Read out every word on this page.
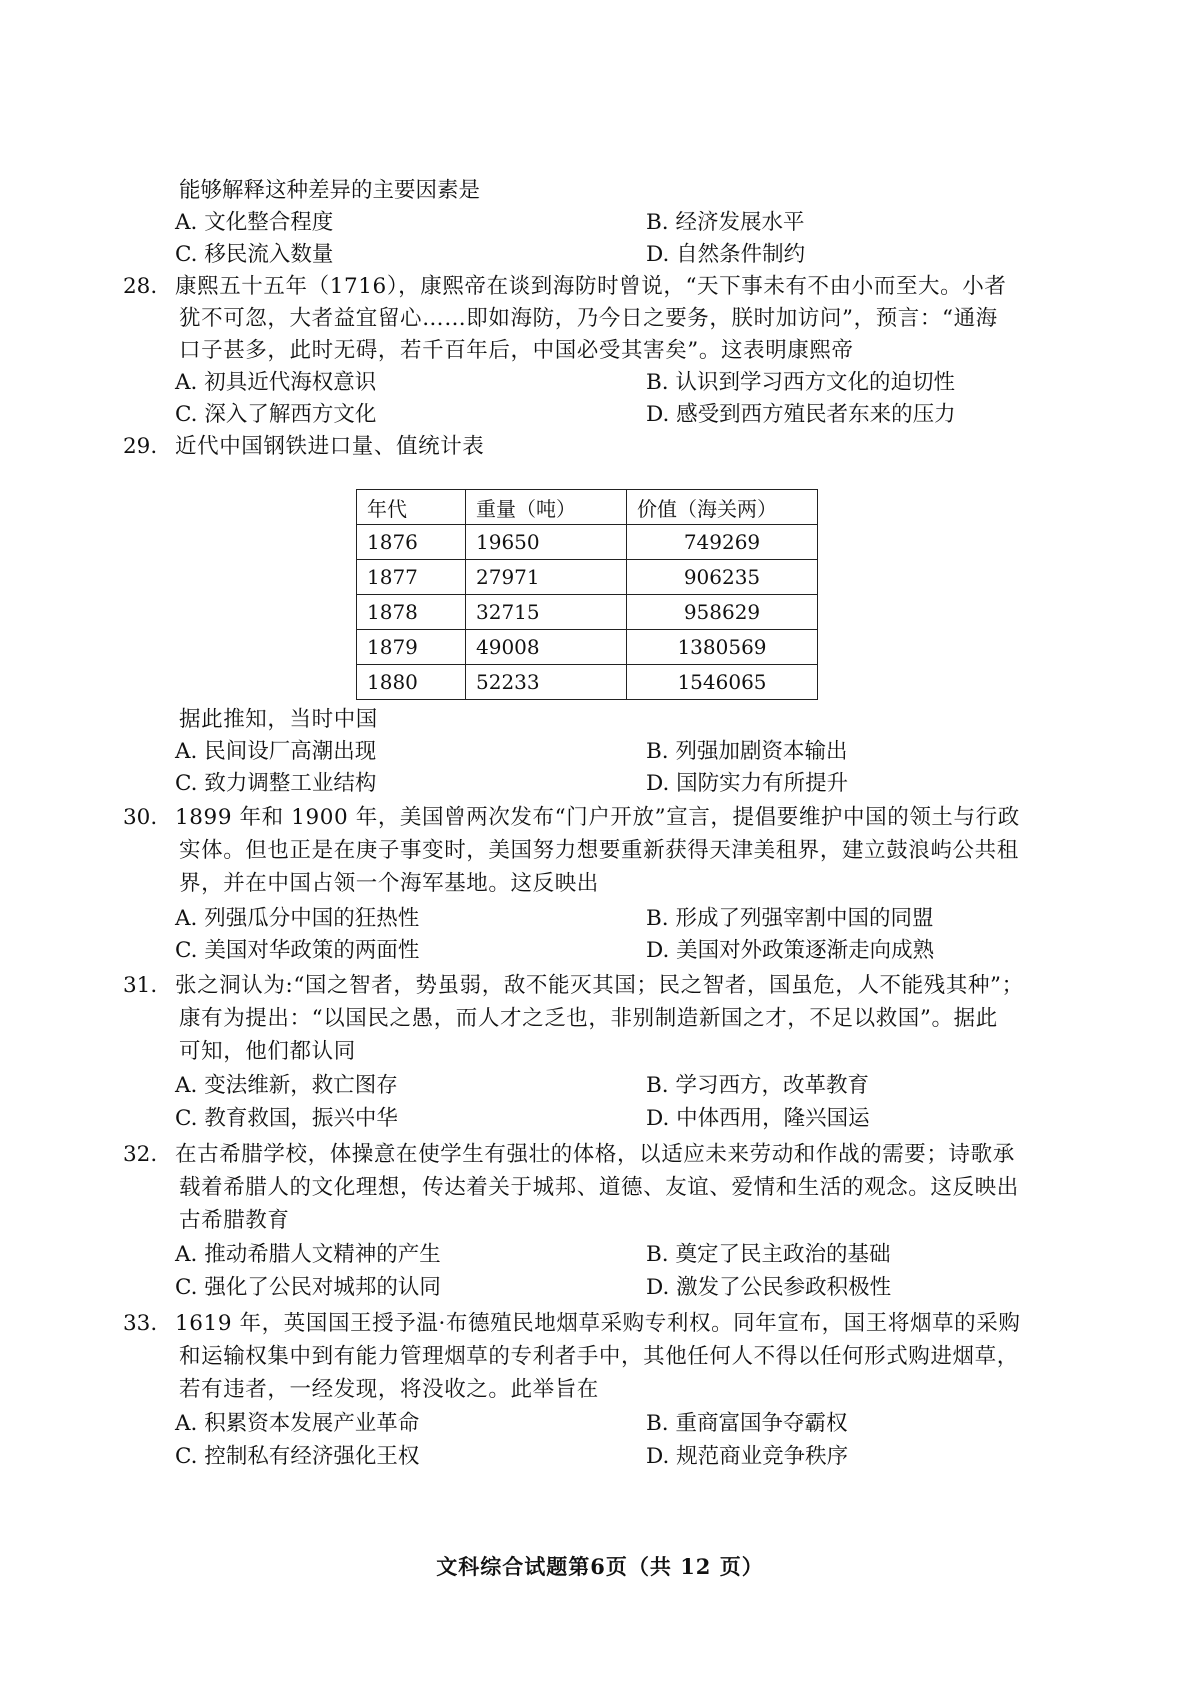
能够解释这种差异的主要因素是
A. 文化整合程度	B. 经济发展水平
C. 移民流入数量	D. 自然条件制约
28. 康熙五十五年（1716），康熙帝在谈到海防时曾说，“天下事未有不由小而至大。小者
犹不可忽，大者益宜留心……即如海防，乃今日之要务，朕时加访问”，预言：“通海
口子甚多，此时无碍，若千百年后，中国必受其害矣”。这表明康熙帝
A. 初具近代海权意识	B. 认识到学习西方文化的迫切性
C. 深入了解西方文化	D. 感受到西方殖民者东来的压力
29. 近代中国钢铁进口量、值统计表
年代	重量（吨）	价值（海关两）
1876	19650	749269
1877	27971	906235
1878	32715	958629
1879	49008	1380569
1880	52233	1546065
据此推知，当时中国
A. 民间设厂高潮出现	B. 列强加剧资本输出
C. 致力调整工业结构	D. 国防实力有所提升
30. 1899 年和 1900 年，美国曾两次发布“门户开放”宣言，提倡要维护中国的领土与行政
实体。但也正是在庚子事变时，美国努力想要重新获得天津美租界，建立鼓浪屿公共租
界，并在中国占领一个海军基地。这反映出
A. 列强瓜分中国的狂热性	B. 形成了列强宰割中国的同盟
C. 美国对华政策的两面性	D. 美国对外政策逐渐走向成熟
31. 张之洞认为:“国之智者，势虽弱，敌不能灭其国；民之智者，国虽危，人不能残其种”；
康有为提出：“以国民之愚，而人才之乏也，非别制造新国之才，不足以救国”。据此
可知，他们都认同
A. 变法维新，救亡图存	B. 学习西方，改革教育
C. 教育救国，振兴中华	D. 中体西用，隆兴国运
32. 在古希腊学校，体操意在使学生有强壮的体格，以适应未来劳动和作战的需要；诗歌承
载着希腊人的文化理想，传达着关于城邦、道德、友谊、爱情和生活的观念。这反映出
古希腊教育
A. 推动希腊人文精神的产生	B. 奠定了民主政治的基础
C. 强化了公民对城邦的认同	D. 激发了公民参政积极性
33. 1619 年，英国国王授予温·布德殖民地烟草采购专利权。同年宣布，国王将烟草的采购
和运输权集中到有能力管理烟草的专利者手中，其他任何人不得以任何形式购进烟草，
若有违者，一经发现，将没收之。此举旨在
A. 积累资本发展产业革命	B. 重商富国争夺霸权
C. 控制私有经济强化王权	D. 规范商业竞争秩序
文科综合试题第6页（共 12 页）
